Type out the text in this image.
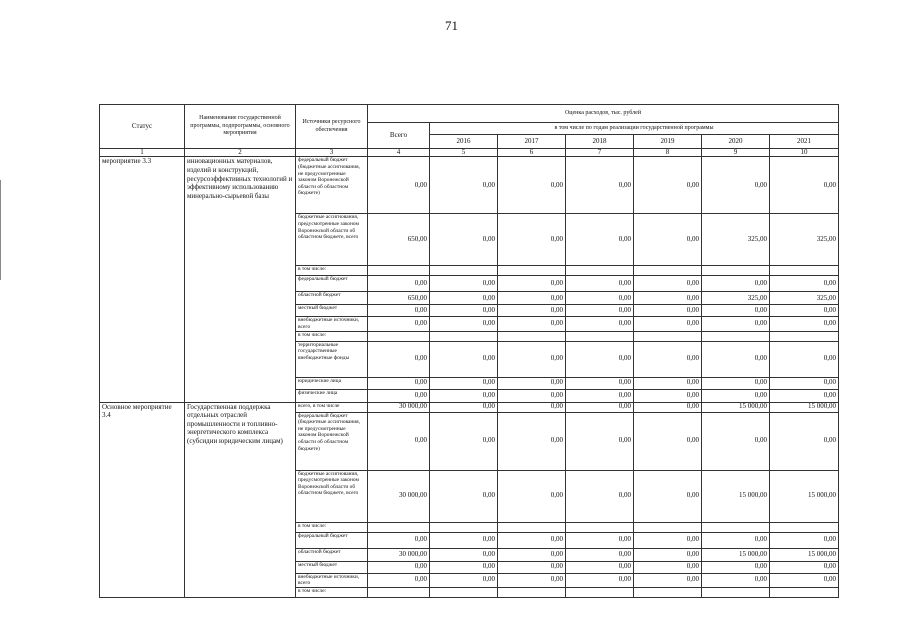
71
Статус	Наименование государственной программы, подпрограммы, основного мероприятия	Источники ресурсного обеспечения	Оценка расходов, тыс. рублей						
			Всего	в том числе по годам реализации государственной программы					
				2016	2017	2018	2019	2020	2021
1	2	3	4	5	6	7	8	9	10
мероприятие 3.3	инновационных материалов, изделий и конструкций, ресурсоэффективных технологий и эффективному использованию минерально-сырьевой базы	федеральный бюджет (бюджетные ассигнования, не предусмотренные законом Воронежской области об областном бюджете)	0,00	0,00	0,00	0,00	0,00	0,00	0,00
		бюджетные ассигнования, предусмотренные законом Воронежской области об областном бюджете, всего	650,00	0,00	0,00	0,00	0,00	325,00	325,00
		в том числе:							
		федеральный бюджет	0,00	0,00	0,00	0,00	0,00	0,00	0,00
		областной бюджет	650,00	0,00	0,00	0,00	0,00	325,00	325,00
		местный бюджет	0,00	0,00	0,00	0,00	0,00	0,00	0,00
		внебюджетные источники, всего	0,00	0,00	0,00	0,00	0,00	0,00	0,00
		в том числе:							
		территориальные государственные внебюджетные фонды	0,00	0,00	0,00	0,00	0,00	0,00	0,00
		юридические лица	0,00	0,00	0,00	0,00	0,00	0,00	0,00
		физические лица	0,00	0,00	0,00	0,00	0,00	0,00	0,00
Основное мероприятие 3.4	Государственная поддержка отдельных отраслей промышленности и топливно-энергетического комплекса (субсидии юридическим лицам)	всего, в том числе	30 000,00	0,00	0,00	0,00	0,00	15 000,00	15 000,00
		федеральный бюджет (бюджетные ассигнования, не предусмотренные законом Воронежской области об областном бюджете)	0,00	0,00	0,00	0,00	0,00	0,00	0,00
		бюджетные ассигнования, предусмотренные законом Воронежской области об областном бюджете, всего	30 000,00	0,00	0,00	0,00	0,00	15 000,00	15 000,00
		в том числе:							
		федеральный бюджет	0,00	0,00	0,00	0,00	0,00	0,00	0,00
		областной бюджет	30 000,00	0,00	0,00	0,00	0,00	15 000,00	15 000,00
		местный бюджет	0,00	0,00	0,00	0,00	0,00	0,00	0,00
		внебюджетные источники, всего	0,00	0,00	0,00	0,00	0,00	0,00	0,00
		в том числе:							
